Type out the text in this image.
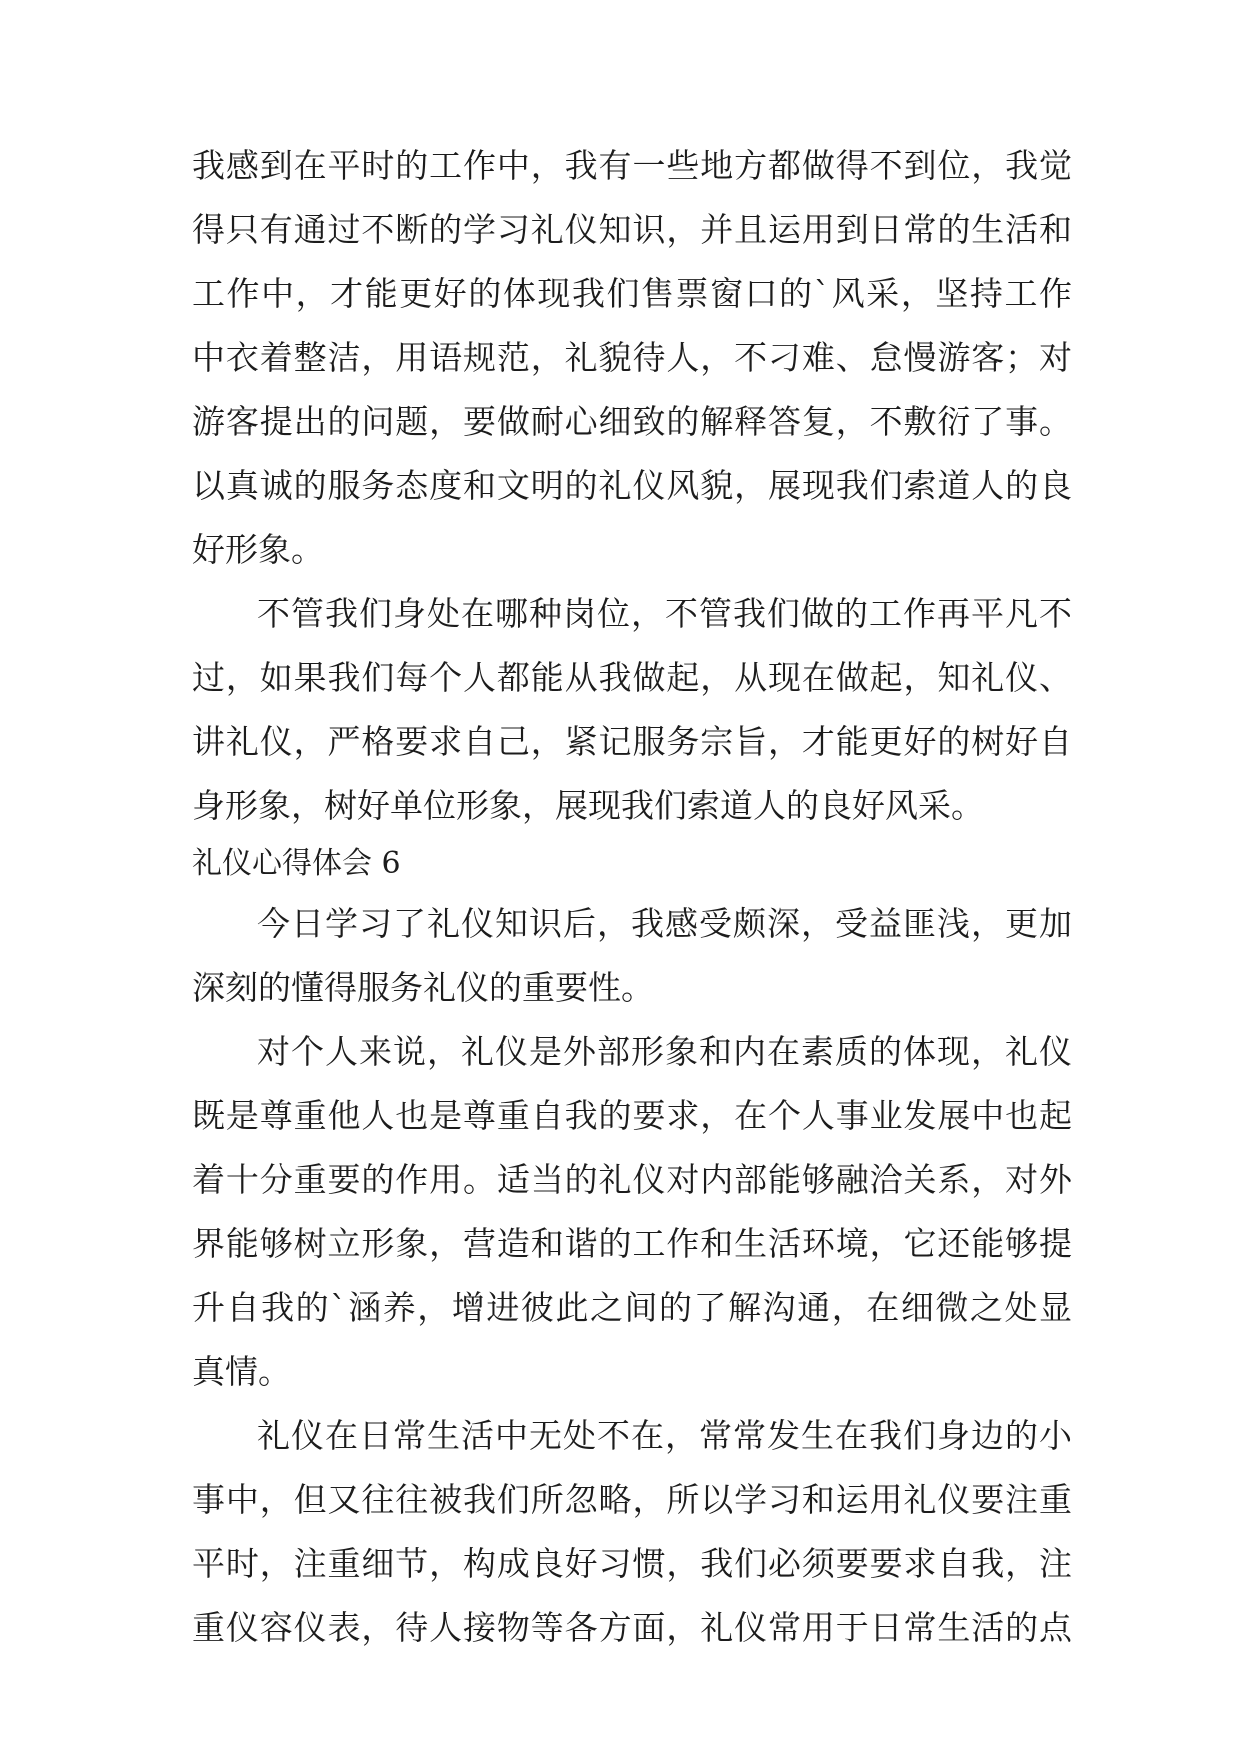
我感到在平时的工作中，我有一些地方都做得不到位，我觉
得只有通过不断的学习礼仪知识，并且运用到日常的生活和
工作中，才能更好的体现我们售票窗口的`风采，坚持工作
中衣着整洁，用语规范，礼貌待人，不刁难、怠慢游客；对
游客提出的问题，要做耐心细致的解释答复，不敷衍了事。
以真诚的服务态度和文明的礼仪风貌，展现我们索道人的良
好形象。
不管我们身处在哪种岗位，不管我们做的工作再平凡不
过，如果我们每个人都能从我做起，从现在做起，知礼仪、
讲礼仪，严格要求自己，紧记服务宗旨，才能更好的树好自
身形象，树好单位形象，展现我们索道人的良好风采。
礼仪心得体会 6
今日学习了礼仪知识后，我感受颇深，受益匪浅，更加
深刻的懂得服务礼仪的重要性。
对个人来说，礼仪是外部形象和内在素质的体现，礼仪
既是尊重他人也是尊重自我的要求，在个人事业发展中也起
着十分重要的作用。适当的礼仪对内部能够融洽关系，对外
界能够树立形象，营造和谐的工作和生活环境，它还能够提
升自我的`涵养，增进彼此之间的了解沟通，在细微之处显
真情。
礼仪在日常生活中无处不在，常常发生在我们身边的小
事中，但又往往被我们所忽略，所以学习和运用礼仪要注重
平时，注重细节，构成良好习惯，我们必须要要求自我，注
重仪容仪表，待人接物等各方面，礼仪常用于日常生活的点
